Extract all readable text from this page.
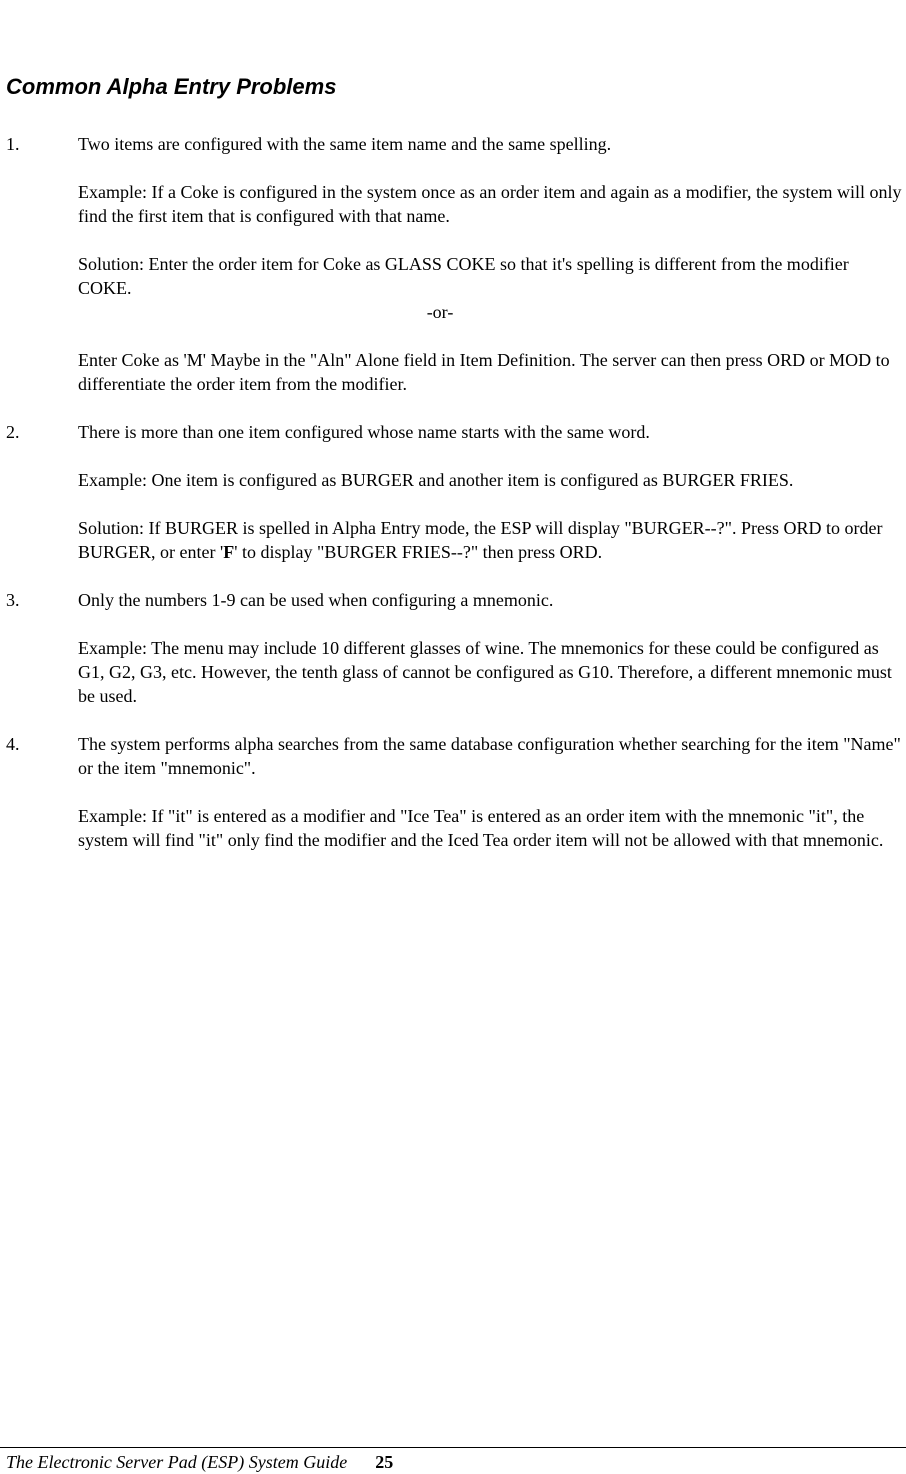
Common Alpha Entry Problems
1.	Two items are configured with the same item name and the same spelling.

Example: If a Coke is configured in the system once as an order item and again as a modifier, the system will only find the first item that is configured with that name.

Solution: Enter the order item for Coke as GLASS COKE so that it's spelling is different from the modifier COKE.

-or-

Enter Coke as 'M' Maybe in the "Aln" Alone field in Item Definition. The server can then press ORD or MOD to differentiate the order item from the modifier.

2.	There is more than one item configured whose name starts with the same word.

Example: One item is configured as BURGER and another item is configured as BURGER FRIES.

Solution: If BURGER is spelled in Alpha Entry mode, the ESP will display "BURGER--?". Press ORD to order BURGER, or enter 'F' to display "BURGER FRIES--?" then press ORD.

3.	Only the numbers 1-9 can be used when configuring a mnemonic.

Example: The menu may include 10 different glasses of wine. The mnemonics for these could be configured as G1, G2, G3, etc. However, the tenth glass of cannot be configured as G10. Therefore, a different mnemonic must be used.

4.	The system performs alpha searches from the same database configuration whether searching for the item "Name" or the item "mnemonic".

Example: If "it" is entered as a modifier and "Ice Tea" is entered as an order item with the mnemonic "it", the system will find "it" only find the modifier and the Iced Tea order item will not be allowed with that mnemonic.

The Electronic Server Pad (ESP) System Guide 25
